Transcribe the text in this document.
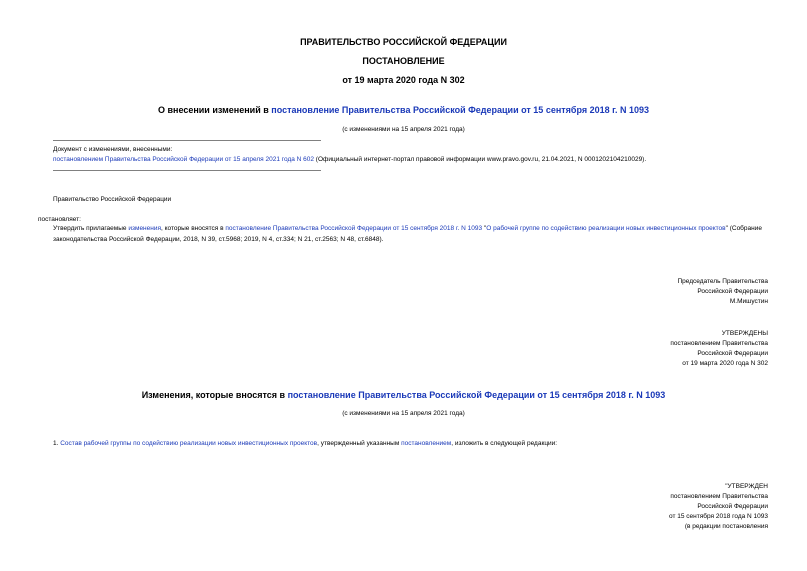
ПРАВИТЕЛЬСТВО РОССИЙСКОЙ ФЕДЕРАЦИИ
ПОСТАНОВЛЕНИЕ
от 19 марта 2020 года N 302
О внесении изменений в постановление Правительства Российской Федерации от 15 сентября 2018 г. N 1093
(с изменениями на 15 апреля 2021 года)
Документ с изменениями, внесенными:
постановлением Правительства Российской Федерации от 15 апреля 2021 года N 602 (Официальный интернет-портал правовой информации www.pravo.gov.ru, 21.04.2021, N 0001202104210029).
Правительство Российской Федерации
постановляет:
Утвердить прилагаемые изменения, которые вносятся в постановление Правительства Российской Федерации от 15 сентября 2018 г. N 1093 "О рабочей группе по содействию реализации новых инвестиционных проектов" (Собрание законодательства Российской Федерации, 2018, N 39, ст.5968; 2019, N 4, ст.334; N 21, ст.2563; N 48, ст.6848).
Председатель Правительства
Российской Федерации
М.Мишустин
УТВЕРЖДЕНЫ
постановлением Правительства
Российской Федерации
от 19 марта 2020 года N 302
Изменения, которые вносятся в постановление Правительства Российской Федерации от 15 сентября 2018 г. N 1093
(с изменениями на 15 апреля 2021 года)
1. Состав рабочей группы по содействию реализации новых инвестиционных проектов, утвержденный указанным постановлением, изложить в следующей редакции:
"УТВЕРЖДЕН
постановлением Правительства
Российской Федерации
от 15 сентября 2018 года N 1093
(в редакции постановления
